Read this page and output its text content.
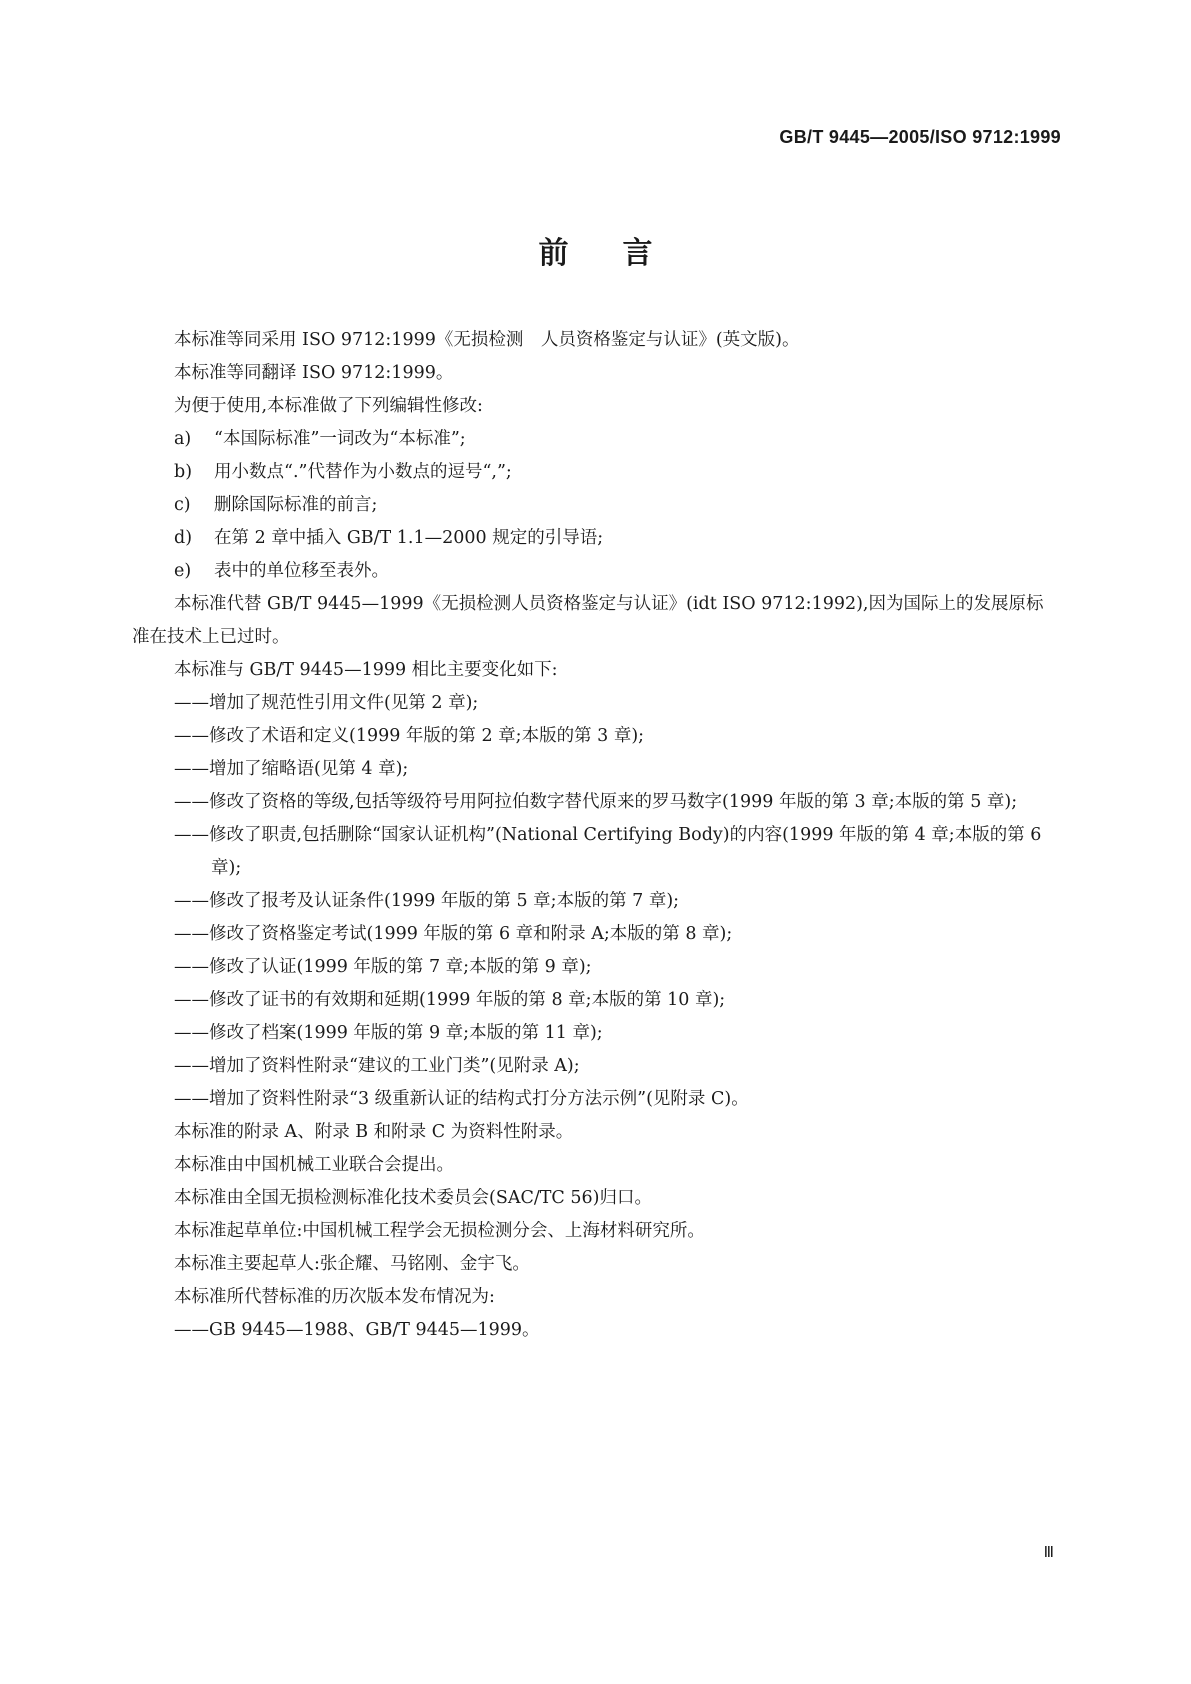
GB/T 9445—2005/ISO 9712:1999
前言

本标准等同采用 ISO 9712:1999《无损检测　人员资格鉴定与认证》(英文版)。

本标准等同翻译 ISO 9712:1999。

为便于使用,本标准做了下列编辑性修改:

a) “本国际标准”一词改为“本标准”;
b) 用小数点“.”代替作为小数点的逗号“,”;
c) 删除国际标准的前言;
d) 在第 2 章中插入 GB/T 1.1—2000 规定的引导语;
e) 表中的单位移至表外。

本标准代替 GB/T 9445—1999《无损检测人员资格鉴定与认证》(idt ISO 9712:1992),因为国际上的发展原标准在技术上已过时。

本标准与 GB/T 9445—1999 相比主要变化如下:

——增加了规范性引用文件(见第 2 章);
——修改了术语和定义(1999 年版的第 2 章;本版的第 3 章);
——增加了缩略语(见第 4 章);
——修改了资格的等级,包括等级符号用阿拉伯数字替代原来的罗马数字(1999 年版的第 3 章;本版的第 5 章);
——修改了职责,包括删除“国家认证机构”(National Certifying Body)的内容(1999 年版的第 4 章;本版的第 6 章);
——修改了报考及认证条件(1999 年版的第 5 章;本版的第 7 章);
——修改了资格鉴定考试(1999 年版的第 6 章和附录 A;本版的第 8 章);
——修改了认证(1999 年版的第 7 章;本版的第 9 章);
——修改了证书的有效期和延期(1999 年版的第 8 章;本版的第 10 章);
——修改了档案(1999 年版的第 9 章;本版的第 11 章);
——增加了资料性附录“建议的工业门类”(见附录 A);
——增加了资料性附录“3 级重新认证的结构式打分方法示例”(见附录 C)。

本标准的附录 A、附录 B 和附录 C 为资料性附录。

本标准由中国机械工业联合会提出。

本标准由全国无损检测标准化技术委员会(SAC/TC 56)归口。

本标准起草单位:中国机械工程学会无损检测分会、上海材料研究所。

本标准主要起草人:张企耀、马铭刚、金宇飞。

本标准所代替标准的历次版本发布情况为:

——GB 9445—1988、GB/T 9445—1999。
Ⅲ
